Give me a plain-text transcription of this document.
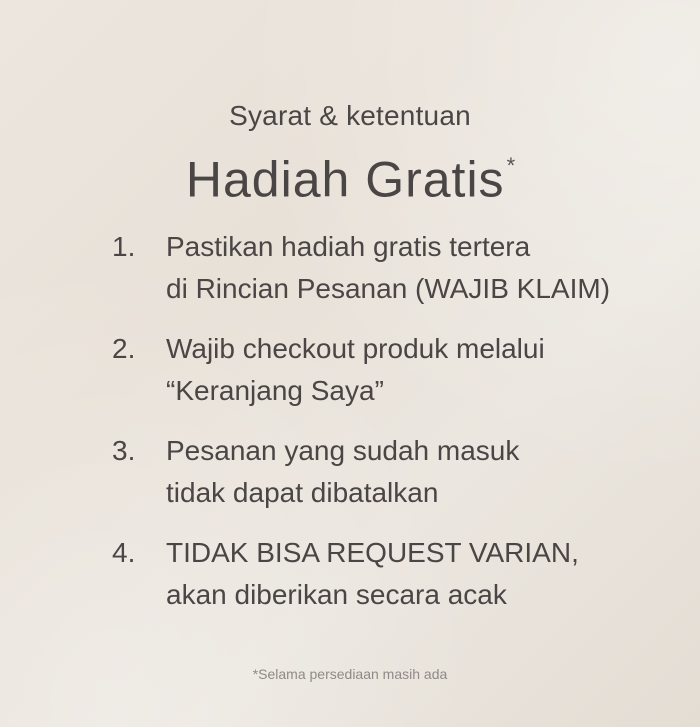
Syarat & ketentuan
Hadiah Gratis*
1.	Pastikan hadiah gratis tertera
di Rincian Pesanan (WAJIB KLAIM)
2.	Wajib checkout produk melalui
“Keranjang Saya”
3.	Pesanan yang sudah masuk
tidak dapat dibatalkan
4.	TIDAK BISA REQUEST VARIAN,
akan diberikan secara acak
*Selama persediaan masih ada
